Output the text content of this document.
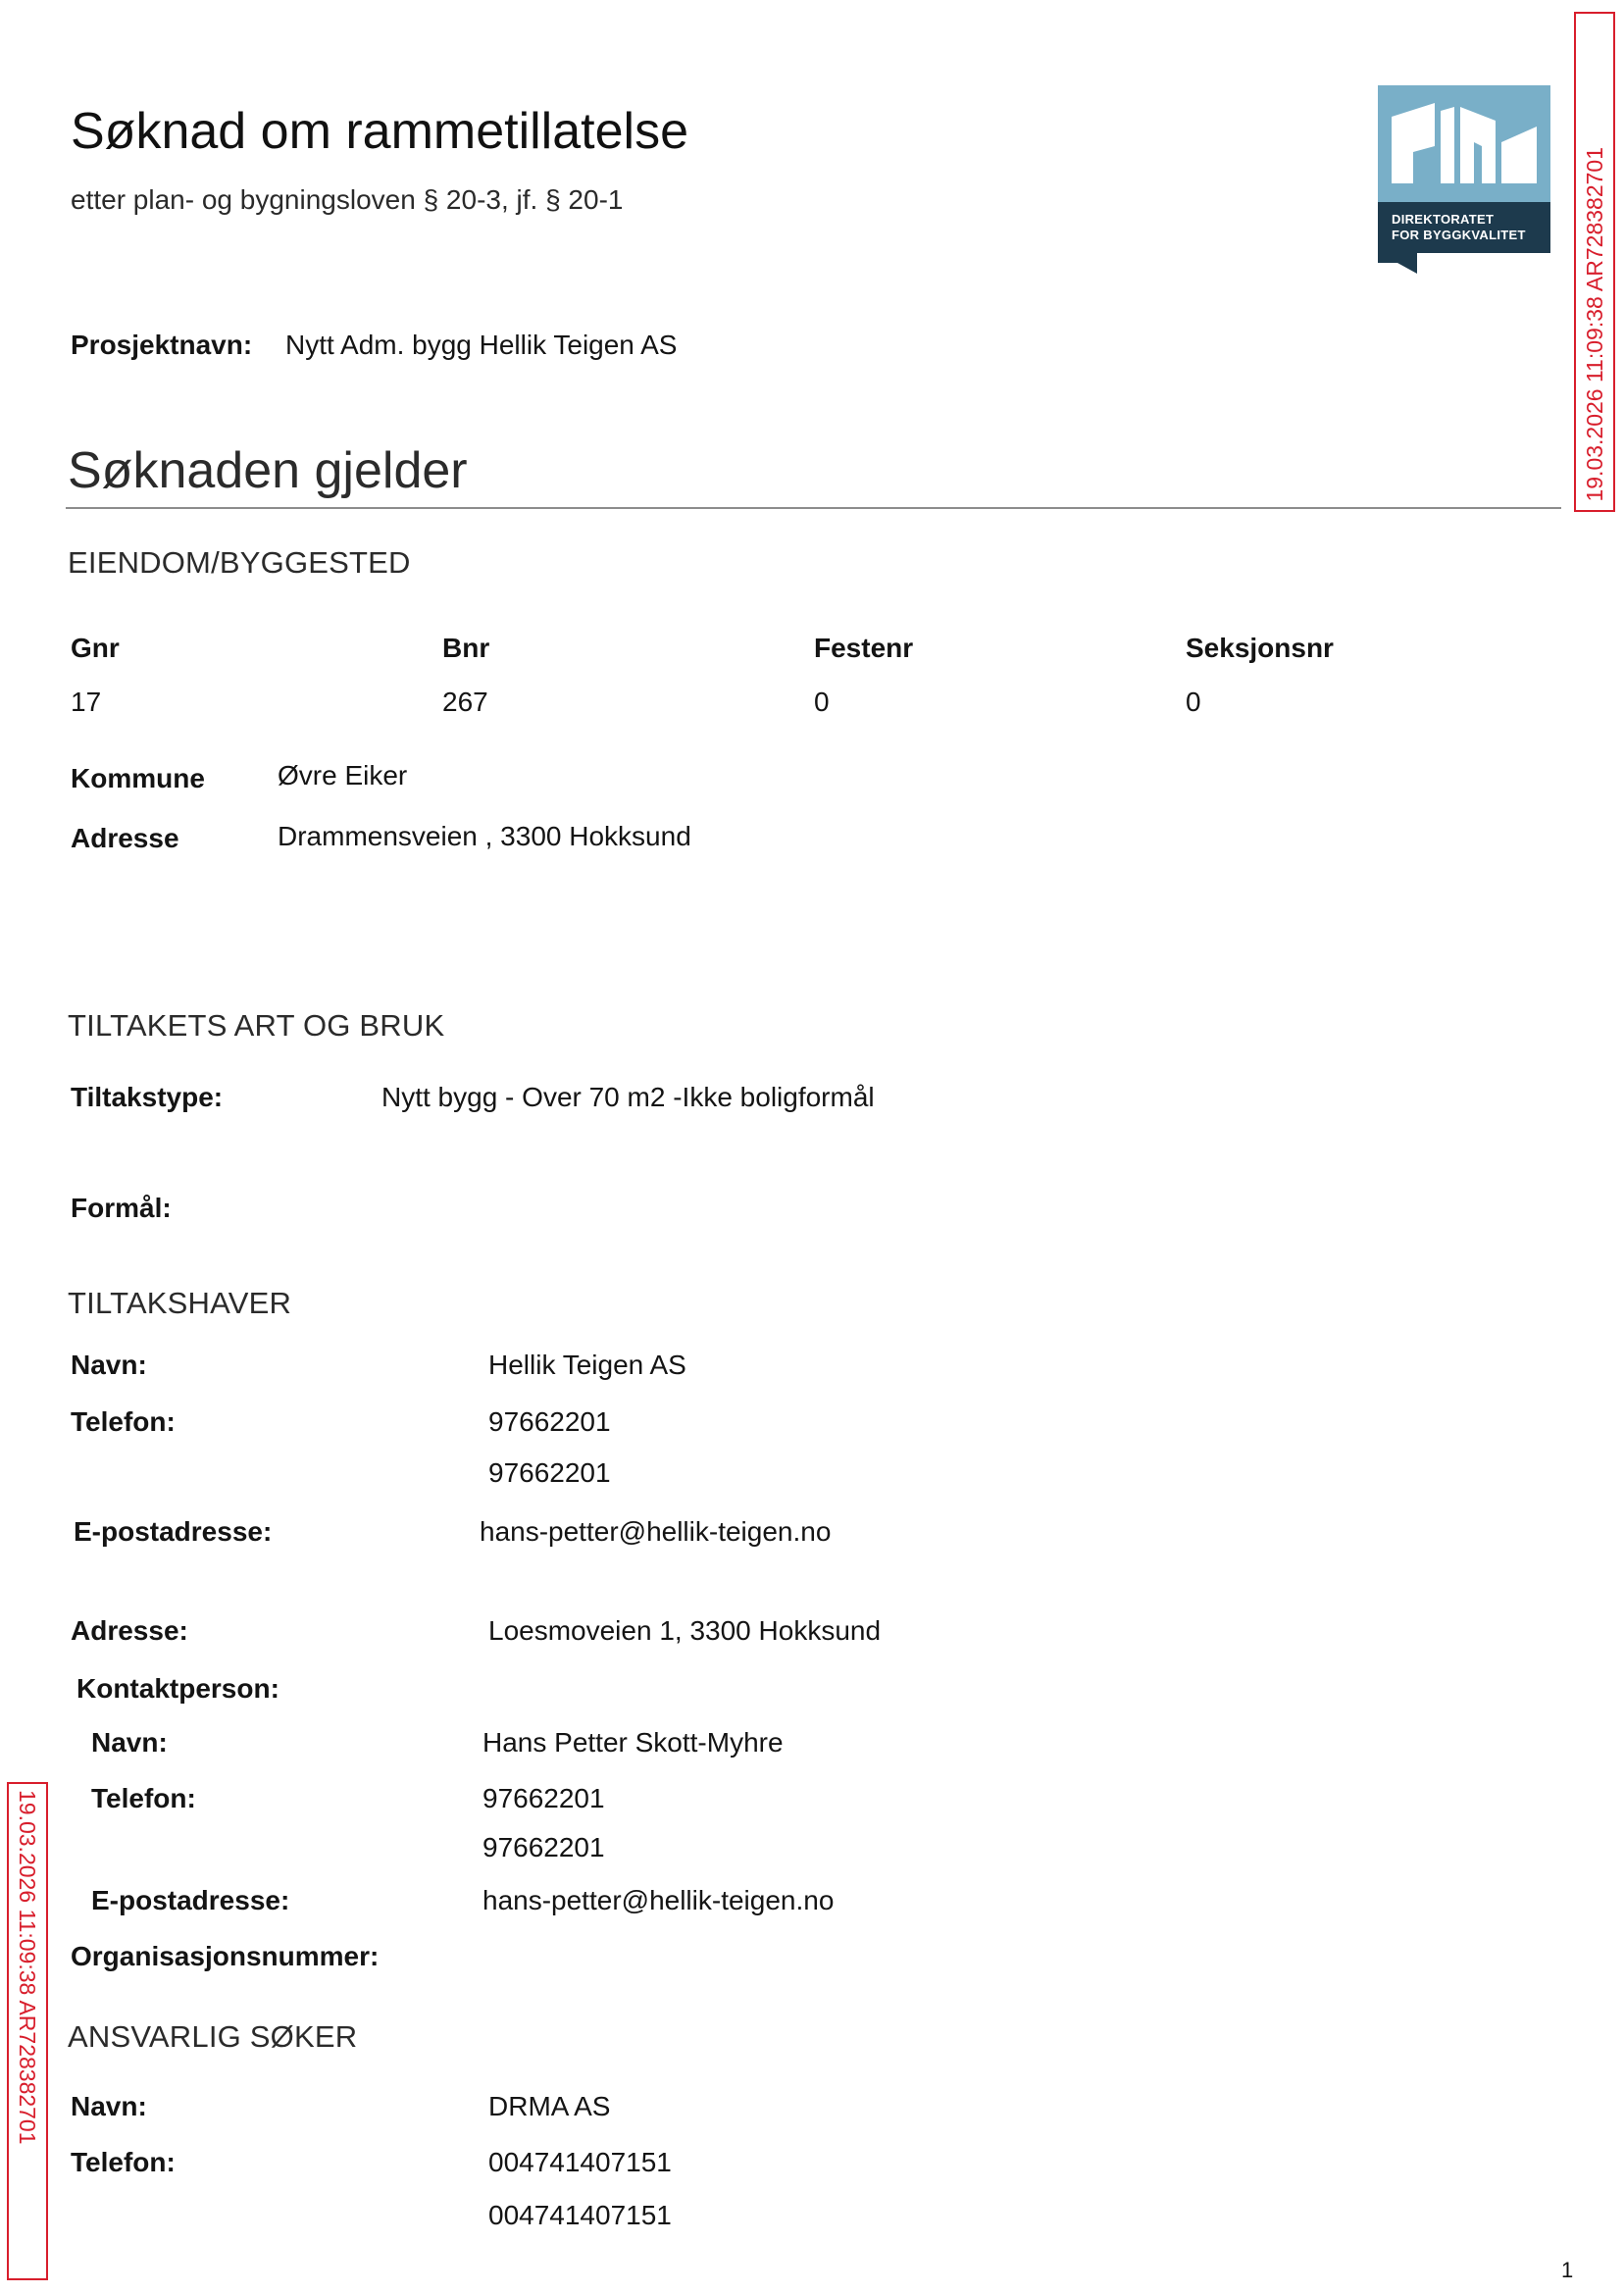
Søknad om rammetillatelse
etter plan- og bygningsloven § 20-3, jf. § 20-1
DIREKTORATET
FOR BYGGKVALITET 19.03.2026 11:09:38 AR728382701
19.03.2026 11:09:38 AR728382701
Prosjektnavn: Nytt Adm. bygg Hellik Teigen AS
Søknaden gjelder
EIENDOM/BYGGESTED
Gnr	Bnr	Festenr	Seksjonsnr
17	267	0	0
Kommune	Øvre Eiker
Adresse	Drammensveien , 3300 Hokksund
TILTAKETS ART OG BRUK
Tiltakstype:	Nytt bygg - Over 70 m2 -Ikke boligformål
Formål:
TILTAKSHAVER
Navn:	Hellik Teigen AS
Telefon:	97662201
97662201
E-postadresse:	hans-petter@hellik-teigen.no
Adresse:	Loesmoveien 1, 3300 Hokksund
Kontaktperson:
Navn:	Hans Petter Skott-Myhre
Telefon:	97662201
97662201
E-postadresse:	hans-petter@hellik-teigen.no
Organisasjonsnummer:
ANSVARLIG SØKER
Navn:	DRMA AS
Telefon:	004741407151
004741407151
1
